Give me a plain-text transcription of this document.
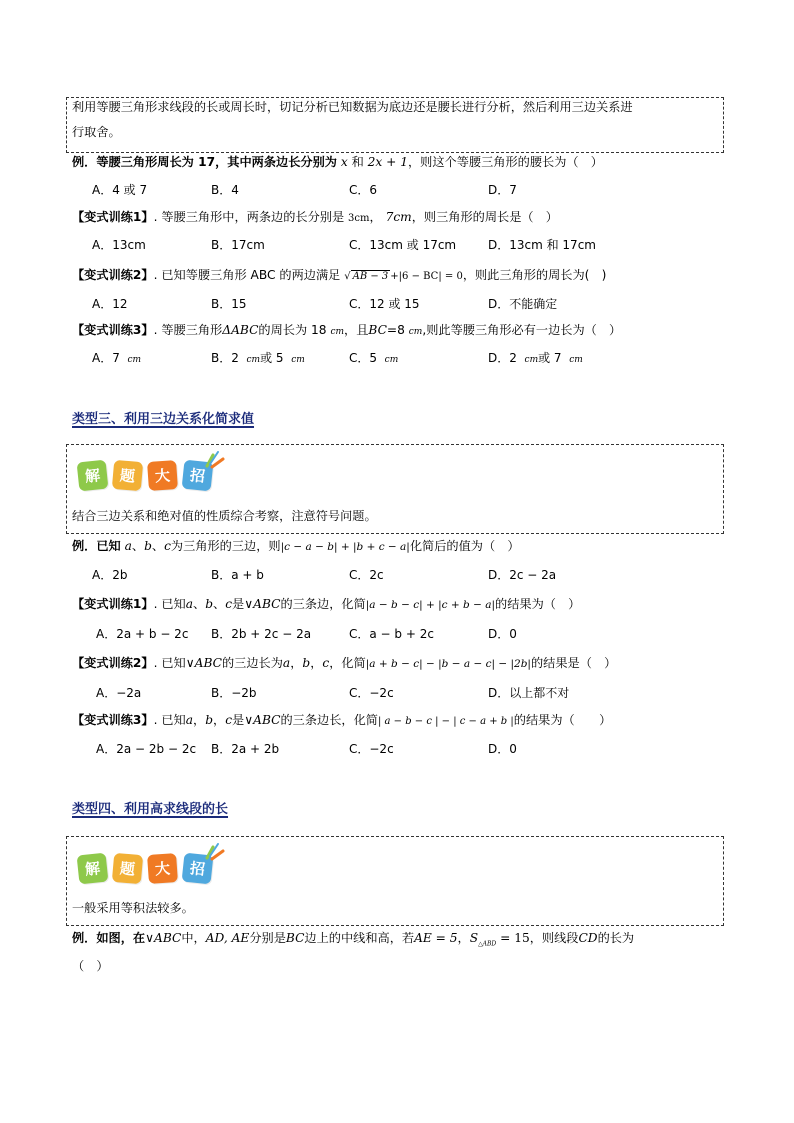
利用等腰三角形求线段的长或周长时，切记分析已知数据为底边还是腰长进行分析，然后利用三边关系进
行取舍。
例．等腰三角形周长为 17，其中两条边长分别为 x 和 2x + 1，则这个等腰三角形的腰长为（　）
A．4 或 7	B．4	C．6	D．7
【变式训练1】. 等腰三角形中，两条边的长分别是 3cm， 7cm，则三角形的周长是（　）
A．13cm	B．17cm	C．13cm 或 17cm	D．13cm 和 17cm
【变式训练2】. 已知等腰三角形 ABC 的两边满足 √ AB − 3 +|6 − BC| = 0，则此三角形的周长为(　)
A．12	B．15	C．12 或 15	D．不能确定
【变式训练3】. 等腰三角形ΔABC的周长为 18 cm，且BC=8 cm,则此等腰三角形必有一边长为（　）
A．7 cm	B．2 cm或 5 cm	C．5 cm	D．2 cm或 7 cm
类型三、利用三边关系化简求值
解	题	大	招
结合三边关系和绝对值的性质综合考察，注意符号问题。
例．已知 a、b、c为三角形的三边，则|c − a − b| + |b + c − a|化简后的值为（　）
A．2b	B．a + b	C．2c	D．2c − 2a
【变式训练1】. 已知a、b、c是∨ABC的三条边，化简|a − b − c| + |c + b − a|的结果为（　）
A．2a + b − 2c B．2b + 2c − 2a	C．a − b + 2c	D．0
【变式训练2】. 已知∨ABC的三边长为a，b，c，化简|a + b − c| − |b − a − c| − |2b|的结果是（　）
A．−2a	B．−2b	C．−2c	D．以上都不对
【变式训练3】. 已知a，b，c是∨ABC的三条边长，化简| a − b − c | − | c − a + b |的结果为（　　）
A．2a − 2b − 2c B．2a + 2b	C．−2c	D．0
类型四、利用高求线段的长
解	题	大	招
一般采用等积法较多。
例．如图，在∨ABC中，AD, AE分别是BC边上的中线和高，若AE = 5，$S_{\triangle ABD} = 15$，则线段CD的长为
（　）
